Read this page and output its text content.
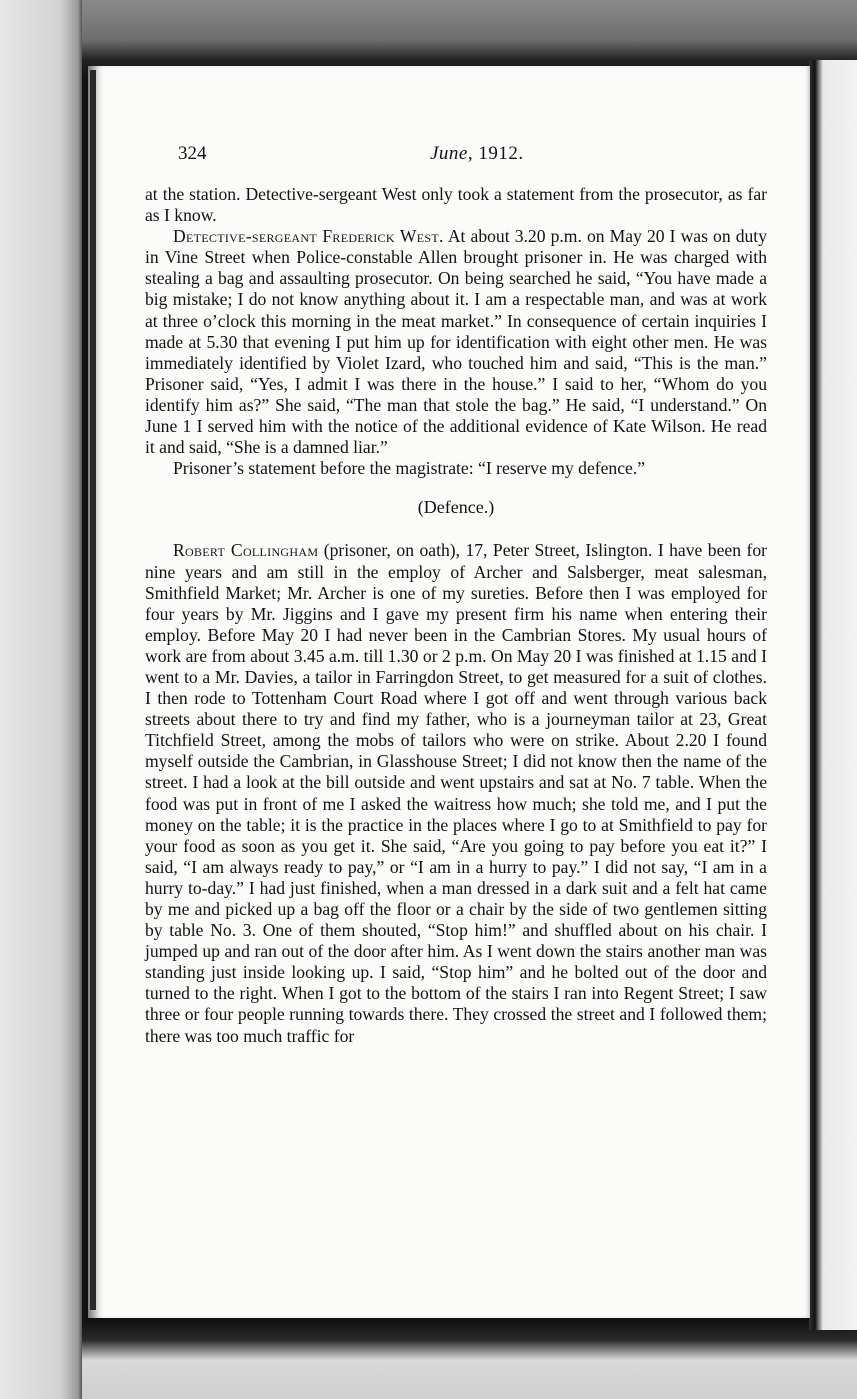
324	June, 1912.

at the station. Detective-sergeant West only took a statement from the prosecutor, as far as I know.

Detective-sergeant Frederick West. At about 3.20 p.m. on May 20 I was on duty in Vine Street when Police-constable Allen brought prisoner in. He was charged with stealing a bag and assaulting prosecutor. On being searched he said, “You have made a big mistake; I do not know anything about it. I am a respectable man, and was at work at three o’clock this morning in the meat market.” In consequence of certain inquiries I made at 5.30 that evening I put him up for identification with eight other men. He was immediately identified by Violet Izard, who touched him and said, “This is the man.” Prisoner said, “Yes, I admit I was there in the house.” I said to her, “Whom do you identify him as?” She said, “The man that stole the bag.” He said, “I understand.” On June 1 I served him with the notice of the additional evidence of Kate Wilson. He read it and said, “She is a damned liar.”

Prisoner’s statement before the magistrate: “I reserve my defence.”

(Defence.)

Robert Collingham (prisoner, on oath), 17, Peter Street, Islington. I have been for nine years and am still in the employ of Archer and Salsberger, meat salesman, Smithfield Market; Mr. Archer is one of my sureties. Before then I was employed for four years by Mr. Jiggins and I gave my present firm his name when entering their employ. Before May 20 I had never been in the Cambrian Stores. My usual hours of work are from about 3.45 a.m. till 1.30 or 2 p.m. On May 20 I was finished at 1.15 and I went to a Mr. Davies, a tailor in Farringdon Street, to get measured for a suit of clothes. I then rode to Tottenham Court Road where I got off and went through various back streets about there to try and find my father, who is a journeyman tailor at 23, Great Titchfield Street, among the mobs of tailors who were on strike. About 2.20 I found myself outside the Cambrian, in Glasshouse Street; I did not know then the name of the street. I had a look at the bill outside and went upstairs and sat at No. 7 table. When the food was put in front of me I asked the waitress how much; she told me, and I put the money on the table; it is the practice in the places where I go to at Smithfield to pay for your food as soon as you get it. She said, “Are you going to pay before you eat it?” I said, “I am always ready to pay,” or “I am in a hurry to pay.” I did not say, “I am in a hurry to-day.” I had just finished, when a man dressed in a dark suit and a felt hat came by me and picked up a bag off the floor or a chair by the side of two gentlemen sitting by table No. 3. One of them shouted, “Stop him!” and shuffled about on his chair. I jumped up and ran out of the door after him. As I went down the stairs another man was standing just inside looking up. I said, “Stop him” and he bolted out of the door and turned to the right. When I got to the bottom of the stairs I ran into Regent Street; I saw three or four people running towards there. They crossed the street and I followed them; there was too much traffic for
